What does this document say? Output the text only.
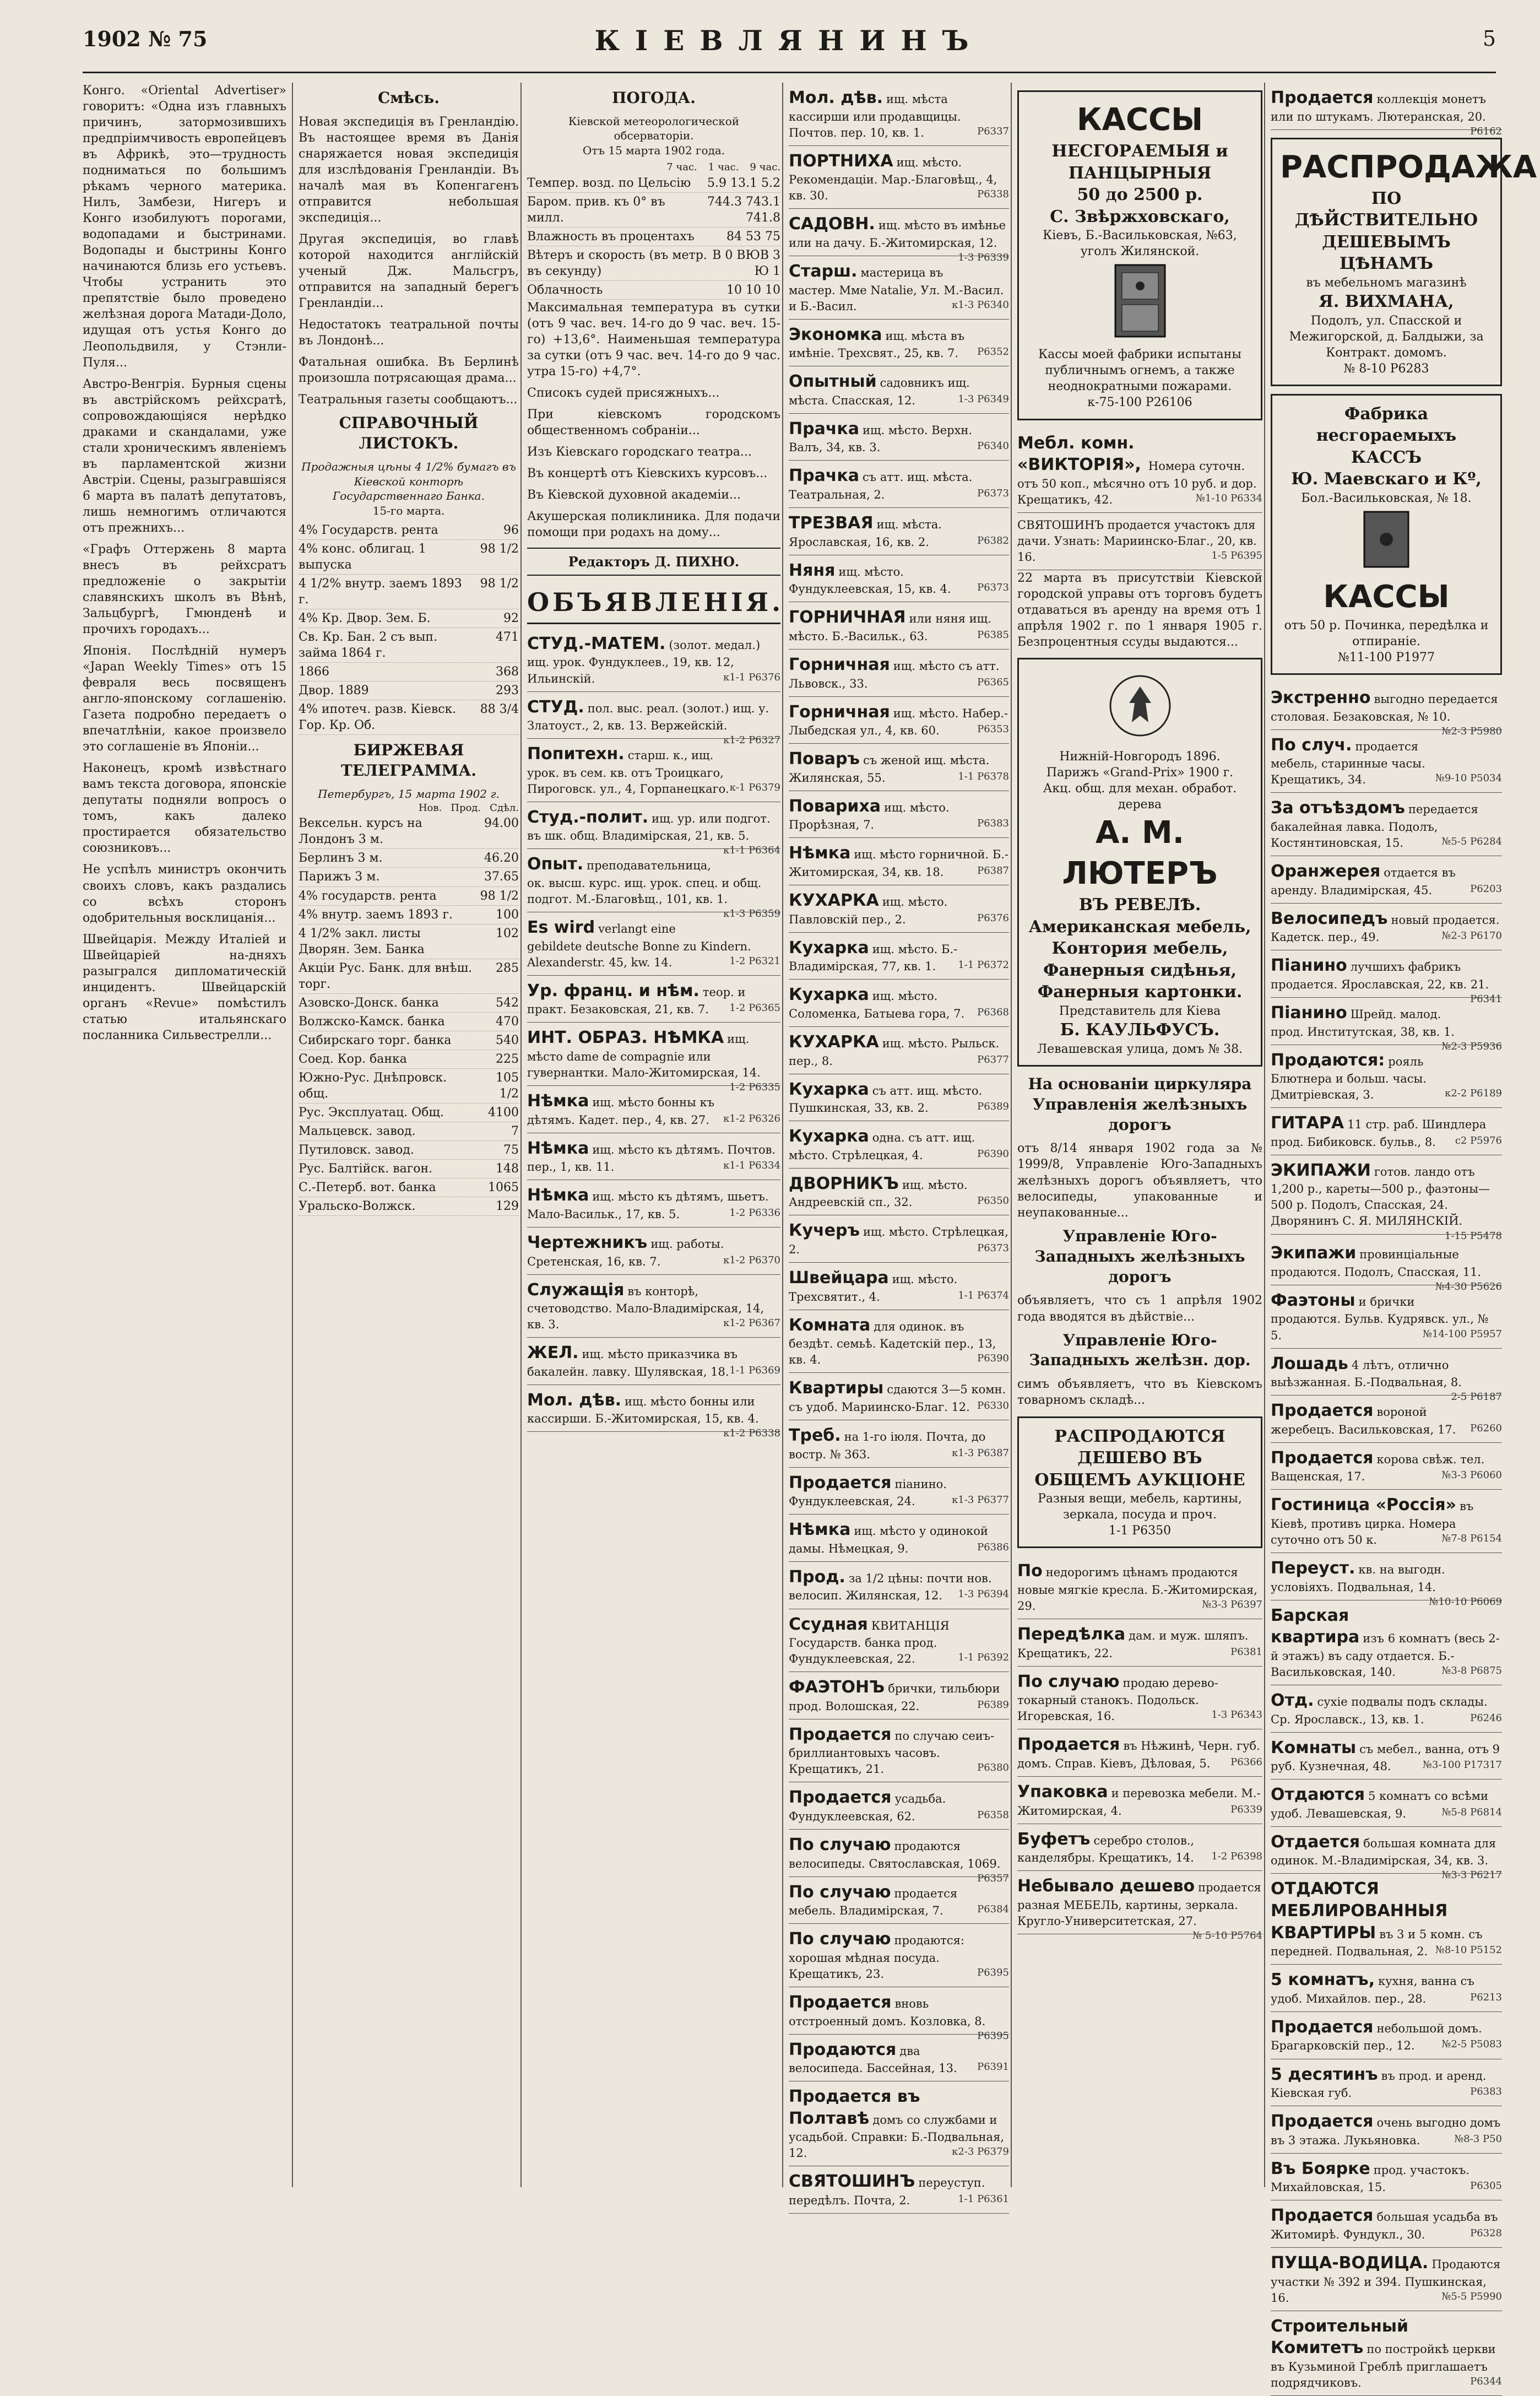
1902 № 75	КІЕВЛЯНИНЪ	5

Конго. «Oriental Advertiser» говоритъ: «Одна изъ главныхъ причинъ, затормозившихъ предпріимчивость европейцевъ въ Африкѣ, это—трудность подниматься по большимъ рѣкамъ черного материка. Нилъ, Замбези, Нигеръ и Конго изобилуютъ порогами, водопадами и быстринами. Водопады и быстрины Конго начинаются близь его устьевъ. Чтобы устранить это препятствіе было проведено желѣзная дорога Матади-Доло, идущая отъ устья Конго до Леопольдвиля, у Стэнли-Пуля...

Австро-Венгрія. Бурныя сцены въ австрійскомъ рейхсратѣ, сопровождающіяся нерѣдко драками и скандалами, уже стали хроническимъ явленіемъ въ парламентской жизни Австріи. Сцены, разыгравшіяся 6 марта въ палатѣ депутатовъ, лишь немногимъ отличаются отъ прежнихъ...

«Графъ Оттержень 8 марта внесъ въ рейхсратъ предложеніе о закрытіи славянскихъ школъ въ Вѣнѣ, Зальцбургѣ, Гмюнденѣ и прочихъ городахъ...

Японія. Послѣдній нумеръ «Japan Weekly Times» отъ 15 февраля весь посвященъ англо-японскому соглашенію. Газета подробно передаетъ о впечатлѣніи, какое произвело это соглашеніе въ Японіи...

Наконецъ, кромѣ извѣстнаго вамъ текста договора, японскіе депутаты подняли вопросъ о томъ, какъ далеко простирается обязательство союзниковъ...

Не успѣлъ министръ окончить своихъ словъ, какъ раздались со всѣхъ сторонъ одобрительныя восклицанія...

Швейцарія. Между Италіей и Швейцаріей на-дняхъ разыгрался дипломатическій инцидентъ. Швейцарскій органъ «Revue» помѣстилъ статью итальянскаго посланника Сильвестрелли...

Смѣсь.

Новая экспедиція въ Гренландію. Въ настоящее время въ Данія снаряжается новая экспедиція для изслѣдованія Гренландіи. Въ началѣ мая въ Копенгагенъ отправится небольшая экспедиція...

Другая экспедиція, во главѣ которой находится англійскій ученый Дж. Мальсгръ, отправится на западный берегъ Гренландіи...

Недостатокъ театральной почты въ Лондонѣ...

Фатальная ошибка. Въ Берлинѣ произошла потрясающая драма...

Театральныя газеты сообщаютъ...

СПРАВОЧНЫЙ ЛИСТОКЪ.
Продажныя цѣны 4 1/2% бумагъ въ Кіевской конторѣ Государственнаго Банка.
15-го марта.
4% Государств. рента	96
4% конс. облигац. 1 выпуска
98 1/2
4 1/2% внутр. заемъ 1893 г.
98 1/2
4% Кр. Двор. Зем. Б.	92
Св. Кр. Бан. 2 съ вып. займа 1864 г.
471
1866	368
Двор. 1889	293
4% ипотеч. разв. Кіевск. Гор. Кр. Об.
88 3/4
БИРЖЕВАЯ ТЕЛЕГРАММА.
Петербургъ, 15 марта 1902 г.
Нов. Прод. Сдѣл.
Вексельн. курсъ на Лондонъ 3 м.
94.00
Берлинъ 3 м.	46.20
Парижъ 3 м.	37.65
4% государств. рента	98 1/2
4% внутр. заемъ 1893 г.	100
4 1/2% закл. листы Дворян. Зем. Банка
102
Акціи Рус. Банк. для внѣш. торг.
285
Азовско-Донск. банка	542
Волжско-Камск. банка	470
Сибирскаго торг. банка	540
Соед. Кор. банка	225
Южно-Рус. Днѣпровск. общ.
105 1/2
Рус. Эксплуатац. Общ.	4100
Мальцевск. завод.	7
Путиловск. завод.	75
Рус. Балтійск. вагон.	148
С.-Петерб. вот. банка	1065
Уральско-Волжск.	129
ПОГОДА.
Кіевской метеорологической обсерваторіи.
Отъ 15 марта 1902 года.
7 час. 1 час. 9 час.
Темпер. возд. по Цельсію 5.9 13.1 5.2
Баром. прив. къ 0° въ милл.
744.3 743.1 741.8
Влажность въ процентахъ	84 53 75
Вѣтеръ и скорость (въ метр. въ секунду)
B 0 BЮB 3 Ю 1
Облачность	10 10 10

Максимальная температура въ сутки (отъ 9 час. веч. 14-го до 9 час. веч. 15-го) +13,6°. Наименьшая температура за сутки (отъ 9 час. веч. 14-го до 9 час. утра 15-го) +4,7°.

Списокъ судей присяжныхъ...

При кіевскомъ городскомъ общественномъ собраніи...

Изъ Кіевскаго городскаго театра...

Въ концертѣ отъ Кіевскихъ курсовъ...

Въ Кіевской духовной академіи...

Акушерская поликлиника. Для подачи помощи при родахъ на дому...

Редакторъ Д. ПИХНО.
ОБЪЯВЛЕНІЯ.
СТУД.-МАТЕМ. (золот. медал.) ищ. урок. Фундуклеев., 19, кв. 12, Ильинскій.	к1-1 Р6376
СТУД. пол. выс. реал. (золот.) ищ. у. Златоуст., 2, кв. 13. Вержейскій.
к1-2 Р6327
Попитехн. старш. к., ищ. урок. въ сем. кв. отъ Троицкаго, Пироговск. ул., 4, Горпанецкаго. к-1 Р6379
Студ.-полит. ищ. ур. или подгот. въ шк. общ. Владимірская, 21, кв. 5.
к1-1 Р6364
Опыт. преподавательница, ок. высш. курс. ищ. урок. спец. и общ. подгот. М.-Благовѣщ., 101, кв. 1.
к1-3 Р6359
Es wird verlangt eine gebildete deutsche Bonne zu Kindern. Alexanderstr. 45, kw. 14.	1-2 Р6321
Ур. франц. и нѣм. теор. и практ. Безаковская, 21, кв. 7. 1-2 Р6365
ИНТ. ОБРАЗ. НѢМКА ищ. мѣсто dame de compagnie или гувернантки. Мало-Житомирская, 14.
1-2 Р6335
Нѣмка ищ. мѣсто бонны къ дѣтямъ. Кадет. пер., 4, кв. 27. к1-2 Р6326
Нѣмка ищ. мѣсто къ дѣтямъ. Почтов. пер., 1, кв. 11.	к1-1 Р6334
Нѣмка ищ. мѣсто къ дѣтямъ, шьетъ. Мало-Васильк., 17, кв. 5.	1-2 Р6336
Чертежникъ ищ. работы. Сретенская, 16, кв. 7.	к1-2 Р6370
Служащія въ конторѣ, счетоводство. Мало-Владимірская, 14, кв. 3.	к1-2 Р6367
ЖЕЛ. ищ. мѣсто приказчика въ бакалейн. лавку. Шулявская, 18. 1-1 Р6369
Мол. дѣв. ищ. мѣсто бонны или кассирши. Б.-Житомирская, 15, кв. 4.
к1-2 Р6338
Мол. дѣв. ищ. мѣста кассирши или продавщицы. Почтов. пер. 10, кв. 1.	Р6337
ПОРТНИХА ищ. мѣсто. Рекомендаціи. Мар.-Благовѣщ., 4, кв. 30.	Р6338
САДОВН. ищ. мѣсто въ имѣнье или на дачу. Б.-Житомирская, 12.
1-3 Р6339
Старш. мастерица въ мастер. Мме Natalie, Ул. М.-Васил. и Б.-Васил.	к1-3 Р6340
Экономка ищ. мѣста въ имѣніе. Трехсвят., 25, кв. 7. Р6352
Опытный садовникъ ищ. мѣста. Спасская, 12.	1-3 Р6349
Прачка ищ. мѣсто. Верхн. Валъ, 34, кв. 3.	Р6340
Прачка съ атт. ищ. мѣста. Театральная, 2.	Р6373
ТРЕЗВАЯ ищ. мѣста. Ярославская, 16, кв. 2.	Р6382
Няня ищ. мѣсто. Фундуклеевская, 15, кв. 4.	Р6373
ГОРНИЧНАЯ или няня ищ. мѣсто. Б.-Васильк., 63.	Р6385
Горничная ищ. мѣсто съ атт. Львовск., 33.	Р6365
Горничная ищ. мѣсто. Набер.-Лыбедская ул., 4, кв. 60.	Р6353
Поваръ съ женой ищ. мѣста. Жилянская, 55.	1-1 Р6378
Повариха ищ. мѣсто. Прорѣзная, 7.	Р6383
Нѣмка ищ. мѣсто горничной. Б.-Житомирская, 34, кв. 18.	Р6387
КУХАРКА ищ. мѣсто. Павловскій пер., 2.	Р6376
Кухарка ищ. мѣсто. Б.-Владимірская, 77, кв. 1. 1-1 Р6372
Кухарка ищ. мѣсто. Соломенка, Батыева гора, 7. Р6368
КУХАРКА ищ. мѣсто. Рыльск. пер., 8.	Р6377
Кухарка съ атт. ищ. мѣсто. Пушкинская, 33, кв. 2.	Р6389
Кухарка одна. съ атт. ищ. мѣсто. Стрѣлецкая, 4.	Р6390
ДВОРНИКЪ ищ. мѣсто. Андреевскій сп., 32.	Р6350
Кучеръ ищ. мѣсто. Стрѣлецкая, 2.	Р6373
Швейцара ищ. мѣсто. Трехсвятит., 4.	1-1 Р6374
Комната для одинок. въ бездѣт. семьѣ. Кадетскій пер., 13, кв. 4.	Р6390
Квартиры сдаются 3—5 комн. съ удоб. Мариинско-Благ. 12. Р6330
Треб. на 1-го іюля. Почта, до востр. № 363.	к1-3 Р6387
Продается піанино. Фундуклеевская, 24.	к1-3 Р6377
Нѣмка ищ. мѣсто у одинокой дамы. Нѣмецкая, 9.	Р6386
Прод. за 1/2 цѣны: почти нов. велосип. Жилянская, 12. 1-3 Р6394
Ссудная КВИТАНЦІЯ Государств. банка прод. Фундуклеевская, 22.	1-1 Р6392
ФАЭТОНЪ брички, тильбюри прод. Волошская, 22.	Р6389
Продается по случаю сеиъ-бриллиантовыхъ часовъ. Крещатикъ, 21.	Р6380
Продается усадьба. Фундуклеевская, 62.	Р6358
По случаю продаются велосипеды. Святославская, 1069.
Р6357
По случаю продается мебель. Владимірская, 7.	Р6384
По случаю продаются: хорошая мѣдная посуда. Крещатикъ, 23.	Р6395
Продается вновь отстроенный домъ. Козловка, 8.
Р6395
Продаются два велосипеда. Бассейная, 13. Р6391
Продается въ Полтавѣ домъ со службами и усадьбой. Справки: Б.-Подвальная, 12.	к2-3 Р6379
СВЯТОШИНЪ переуступ. передѣлъ. Почта, 2.	1-1 Р6361
КАССЫ
НЕСГОРАЕМЫЯ и ПАНЦЫРНЫЯ
50 до 2500 р.
С. Звѣржховскаго,
Кіевъ, Б.-Васильковская, №63, уголъ Жилянской.
Кассы моей фабрики испытаны публичнымъ огнемъ, а также неоднократными пожарами.
к-75-100 Р26106
Мебл. комн. «ВИКТОРІЯ», Номера суточн. отъ 50 коп., мѣсячно отъ 10 руб. и дор. Крещатикъ, 42.	№1-10 Р6334
СВЯТОШИНЪ продается участокъ для дачи. Узнать: Мариинско-Благ., 20, кв. 16.	1-5 Р6395

22 марта въ присутствіи Кіевской городской управы отъ торговъ будетъ отдаваться въ аренду на время отъ 1 апрѣля 1902 г. по 1 января 1905 г. Безпроцентныя ссуды выдаются...

Нижній-Новгородъ 1896.
Парижъ «Grand-Prix» 1900 г.
Акц. общ. для механ. обработ. дерева
А. М. ЛЮТЕРЪ
ВЪ РЕВЕЛѢ.
Американская мебель,
Контория мебель,
Фанерныя сидѣнья,
Фанерныя картонки.
Представитель для Кіева
Б. КАУЛЬФУСЪ.
Левашевская улица, домъ № 38.
На основаніи циркуляра Управленія желѣзныхъ дорогъ

отъ 8/14 января 1902 года за № 1999/8, Управленіе Юго-Западныхъ желѣзныхъ дорогъ объявляетъ, что велосипеды, упакованные и неупакованные...

Управленіе Юго-Западныхъ желѣзныхъ дорогъ

объявляетъ, что съ 1 апрѣля 1902 года вводятся въ дѣйствіе...

Управленіе Юго-Западныхъ желѣзн. дор.

симъ объявляетъ, что въ Кіевскомъ товарномъ складѣ...

РАСПРОДАЮТСЯ ДЕШЕВО ВЪ ОБЩЕМЪ АУКЦІОНЕ
Разныя вещи, мебель, картины, зеркала, посуда и проч.
1-1 Р6350
По недорогимъ цѣнамъ продаются новые мягкіе кресла. Б.-Житомирская, 29.	№3-3 Р6397
Передѣлка дам. и муж. шляпъ. Крещатикъ, 22.	Р6381
По случаю продаю дерево-токарный станокъ. Подольск. Игоревская, 16.	1-3 Р6343
Продается въ Нѣжинѣ, Черн. губ. домъ. Справ. Кіевъ, Дѣловая, 5. Р6366
Упаковка и перевозка мебели. М.-Житомирская, 4.	Р6339
Буфетъ серебро столов., канделябры. Крещатикъ, 14. 1-2 Р6398
Небывало дешево продается разная МЕБЕЛЬ, картины, зеркала. Кругло-Университетская, 27.
№ 5-10 Р5764
Продается коллекція монетъ или по штукамъ. Лютеранская, 20.
Р6162
РАСПРОДАЖА
ПО ДѢЙСТВИТЕЛЬНО ДЕШЕВЫМЪ ЦѢНАМЪ
въ мебельномъ магазинѣ
Я. ВИХМАНА,
Подолъ, ул. Спасской и Межигорской, д. Балдыжи, за Контракт. домомъ.
№ 8-10 Р6283
Фабрика несгораемыхъ КАССЪ
Ю. Маевскаго и Кº,
Бол.-Васильковская, № 18.
КАССЫ
отъ 50 р. Починка, передѣлка и отпираніе.
№11-100 Р1977
Экстренно выгодно передается столовая. Безаковская, № 10.
№2-3 Р5980
По случ. продается мебель, старинные часы. Крещатикъ, 34.	№9-10 Р5034
За отъѣздомъ передается бакалейная лавка. Подолъ, Костянтиновская, 15.	№5-5 Р6284
Оранжерея отдается въ аренду. Владимірская, 45.	Р6203
Велосипедъ новый продается. Кадетск. пер., 49.	№2-3 Р6170
Піанино лучшихъ фабрикъ продается. Ярославская, 22, кв. 21.
Р6341
Піанино Шрейд. малод. прод. Институтская, 38, кв. 1.
№2-3 Р5936
Продаются: рояль Блютнера и больш. часы. Дмитріевская, 3.	к2-2 Р6189
ГИТАРА 11 стр. раб. Шиндлера прод. Бибиковск. бульв., 8. с2 Р5976
ЭКИПАЖИ готов. ландо отъ 1,200 р., кареты—500 р., фаэтоны—500 р. Подолъ, Спасская, 24. Дворянинъ С. Я. МИЛЯНСКІЙ.
1-15 Р5478
Экипажи провинціальные продаются. Подолъ, Спасская, 11.
№4-30 Р5626
Фаэтоны и брички продаются. Бульв. Кудрявск. ул., № 5.	№14-100 Р5957
Лошадь 4 лѣтъ, отлично выѣзжанная. Б.-Подвальная, 8.
2-5 Р6187
Продается вороной жеребецъ. Васильковская, 17. Р6260
Продается корова свѣж. тел. Ващенская, 17.	№3-3 Р6060
Гостиница «Россія» въ Кіевѣ, противъ цирка. Номера суточно отъ 50 к.	№7-8 Р6154
Переуст. кв. на выгодн. условіяхъ. Подвальная, 14.
№10-10 Р6069
Барская квартира изъ 6 комнатъ (весь 2-й этажъ) въ саду отдается. Б.-Васильковская, 140.	№3-8 Р6875
Отд. сухіе подвалы подъ склады. Ср. Ярославск., 13, кв. 1.	Р6246
Комнаты съ мебел., ванна, отъ 9 руб. Кузнечная, 48.	№3-100 Р17317
Отдаются 5 комнатъ со всѣми удоб. Левашевская, 9.	№5-8 Р6814
Отдается большая комната для одинок. М.-Владимірская, 34, кв. 3.
№3-3 Р6217
ОТДАЮТСЯ МЕБЛИРОВАННЫЯ КВАРТИРЫ въ 3 и 5 комн. съ передней. Подвальная, 2. №8-10 Р5152
5 комнатъ, кухня, ванна съ удоб. Михайлов. пер., 28.	Р6213
Продается небольшой домъ. Брагарковскій пер., 12.	№2-5 Р5083
5 десятинъ въ прод. и аренд. Кіевская губ.	Р6383
Продается очень выгодно домъ въ 3 этажа. Лукьяновка.	№8-3 Р50
Въ Боярке прод. участокъ. Михайловская, 15.	Р6305
Продается большая усадьба въ Житомирѣ. Фундукл., 30.	Р6328
ПУЩА-ВОДИЦА. Продаются участки № 392 и 394. Пушкинская, 16.	№5-5 Р5990
Строительный Комитетъ по постройкѣ церкви въ Кузьминой Греблѣ приглашаетъ подрядчиковъ.	Р6344
